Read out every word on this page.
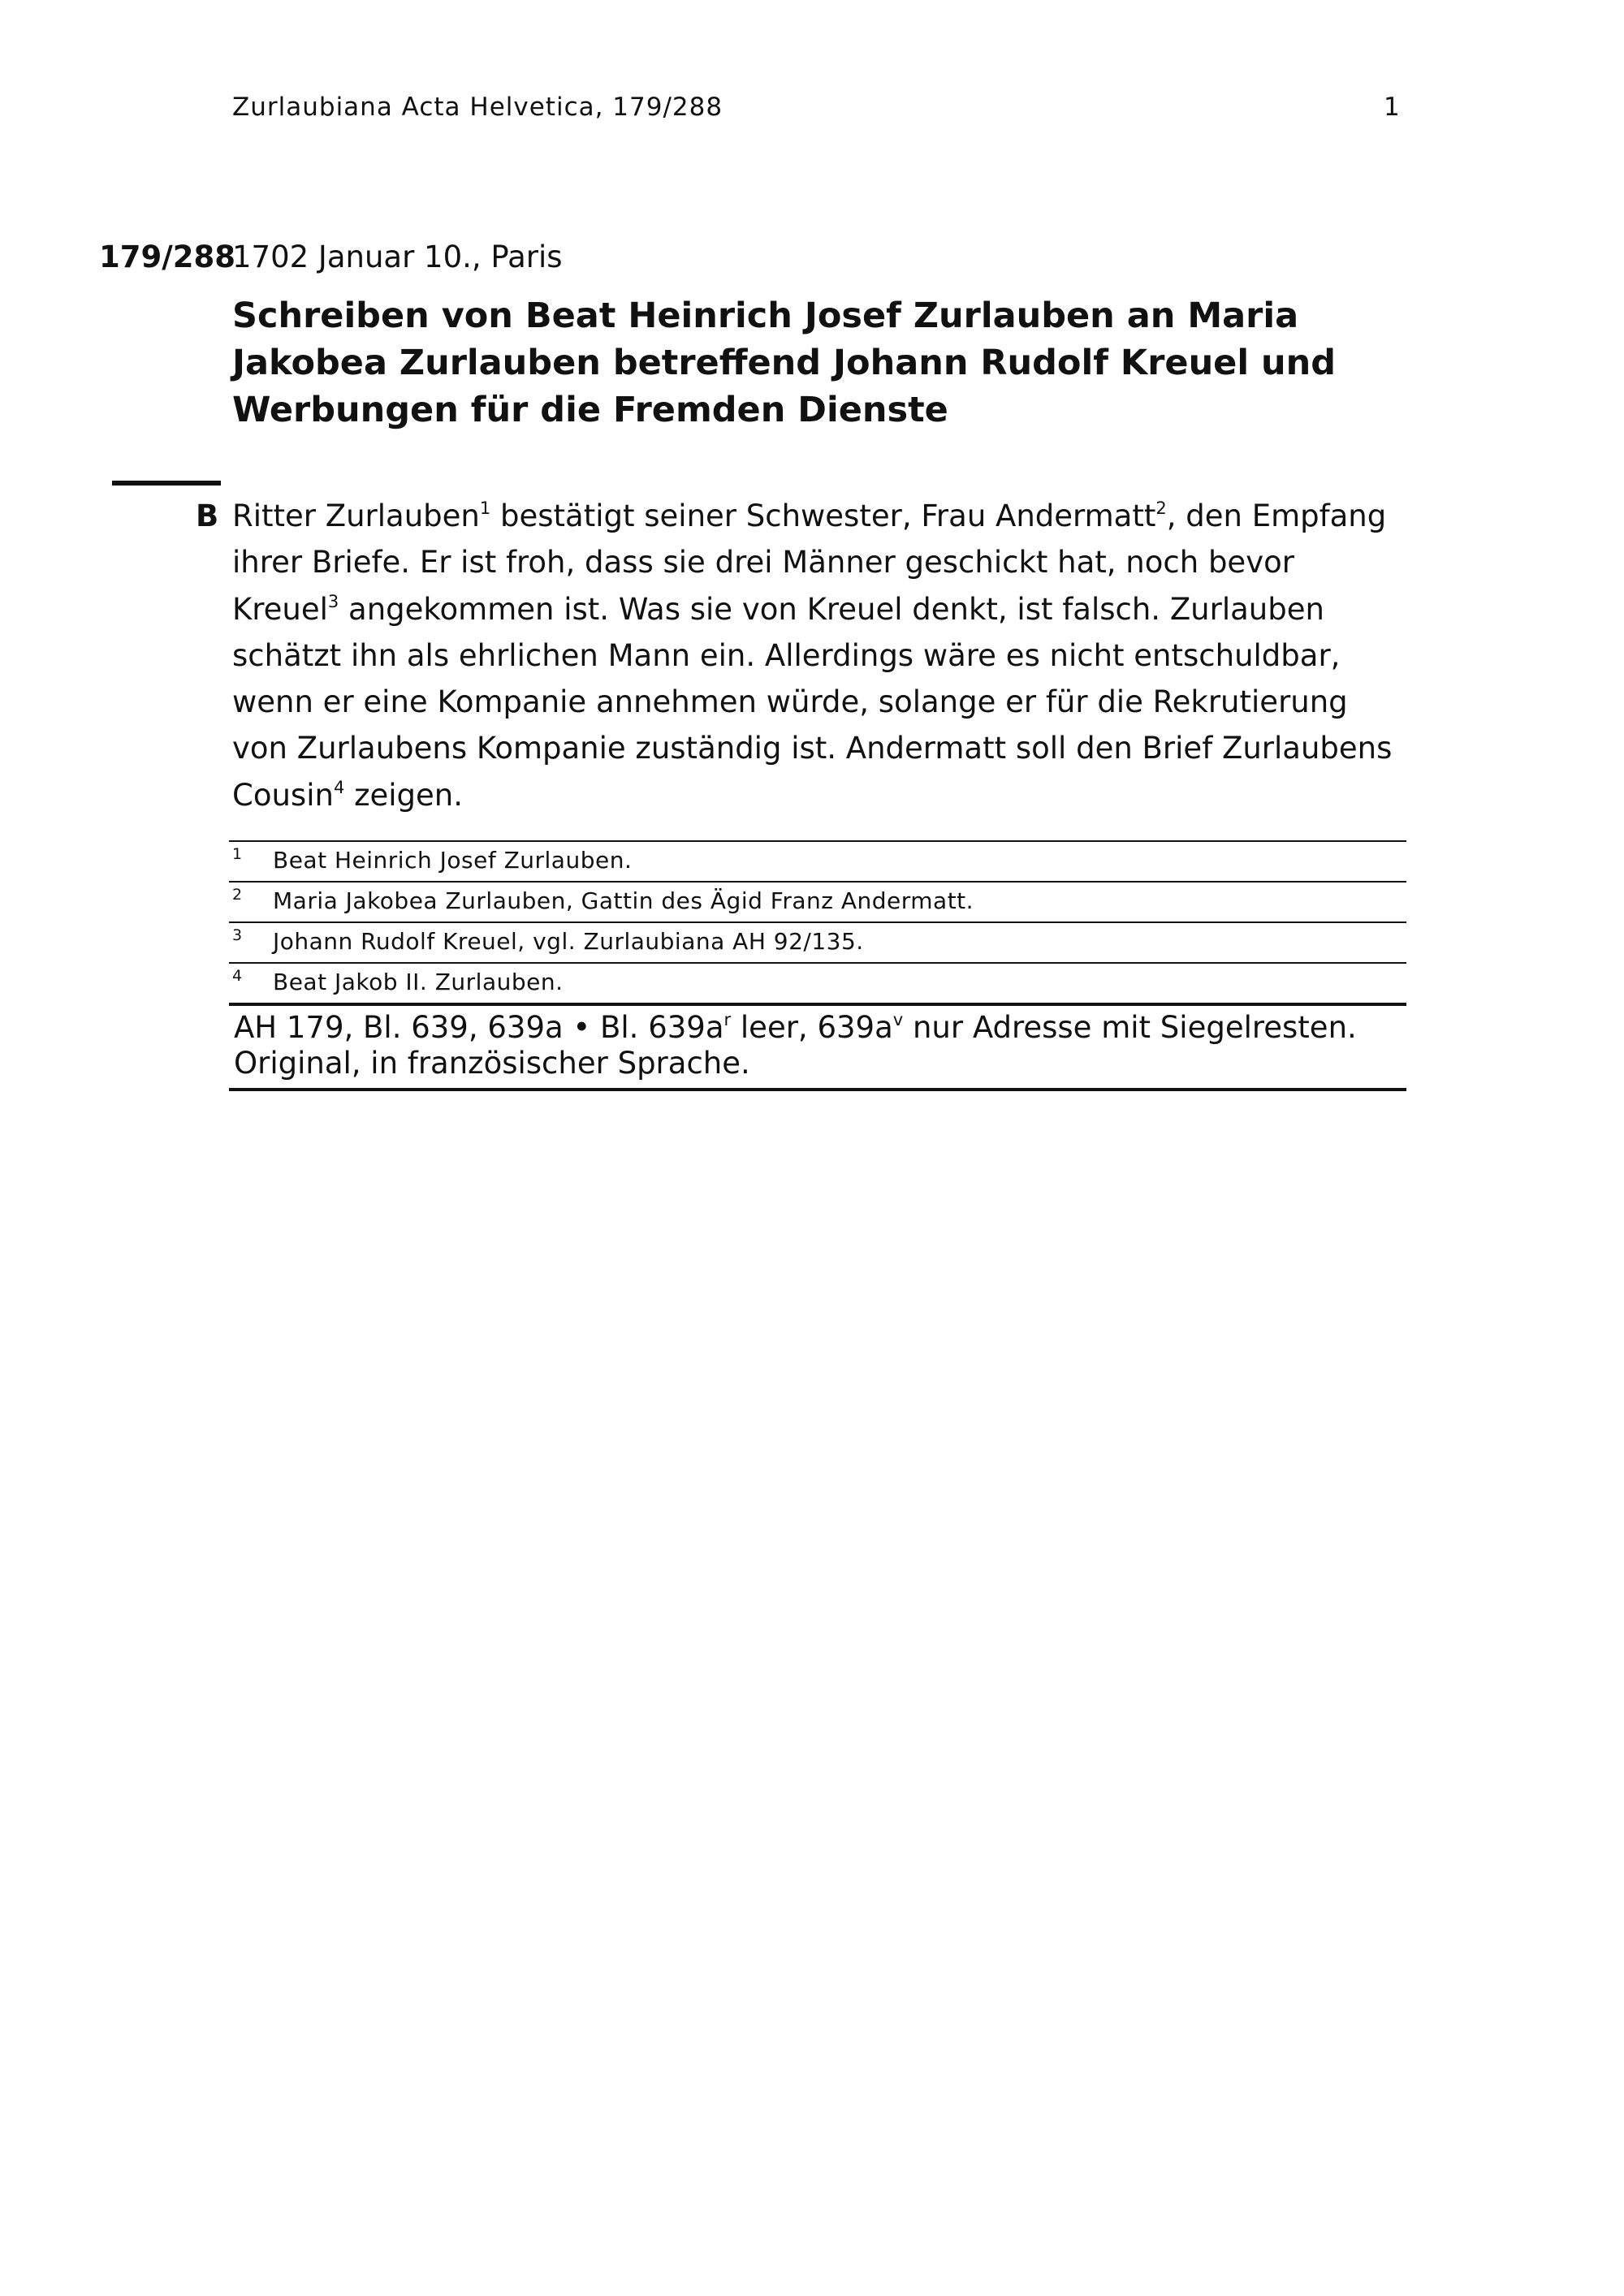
Zurlaubiana Acta Helvetica, 179/288	1
179/288
1702 Januar 10., Paris
Schreiben von Beat Heinrich Josef Zurlauben an Maria Jakobea Zurlauben betreffend Johann Rudolf Kreuel und Werbungen für die Fremden Dienste
B Ritter Zurlauben$^1$ bestätigt seiner Schwester, Frau Andermatt$^2$, den Empfang ihrer Briefe. Er ist froh, dass sie drei Männer geschickt hat, noch bevor Kreuel$^3$ angekommen ist. Was sie von Kreuel denkt, ist falsch. Zurlauben schätzt ihn als ehrlichen Mann ein. Allerdings wäre es nicht entschuldbar, wenn er eine Kompanie annehmen würde, solange er für die Rekrutierung von Zurlaubens Kompanie zuständig ist. Andermatt soll den Brief Zurlaubens Cousin$^4$ zeigen.
1 Beat Heinrich Josef Zurlauben.
2 Maria Jakobea Zurlauben, Gattin des Ägid Franz Andermatt.
3 Johann Rudolf Kreuel, vgl. Zurlaubiana AH 92/135.
4 Beat Jakob II. Zurlauben.
AH 179, Bl. 639, 639a • Bl. $639a^r$ leer, $639a^v$ nur Adresse mit Siegelresten.
Original, in französischer Sprache.
